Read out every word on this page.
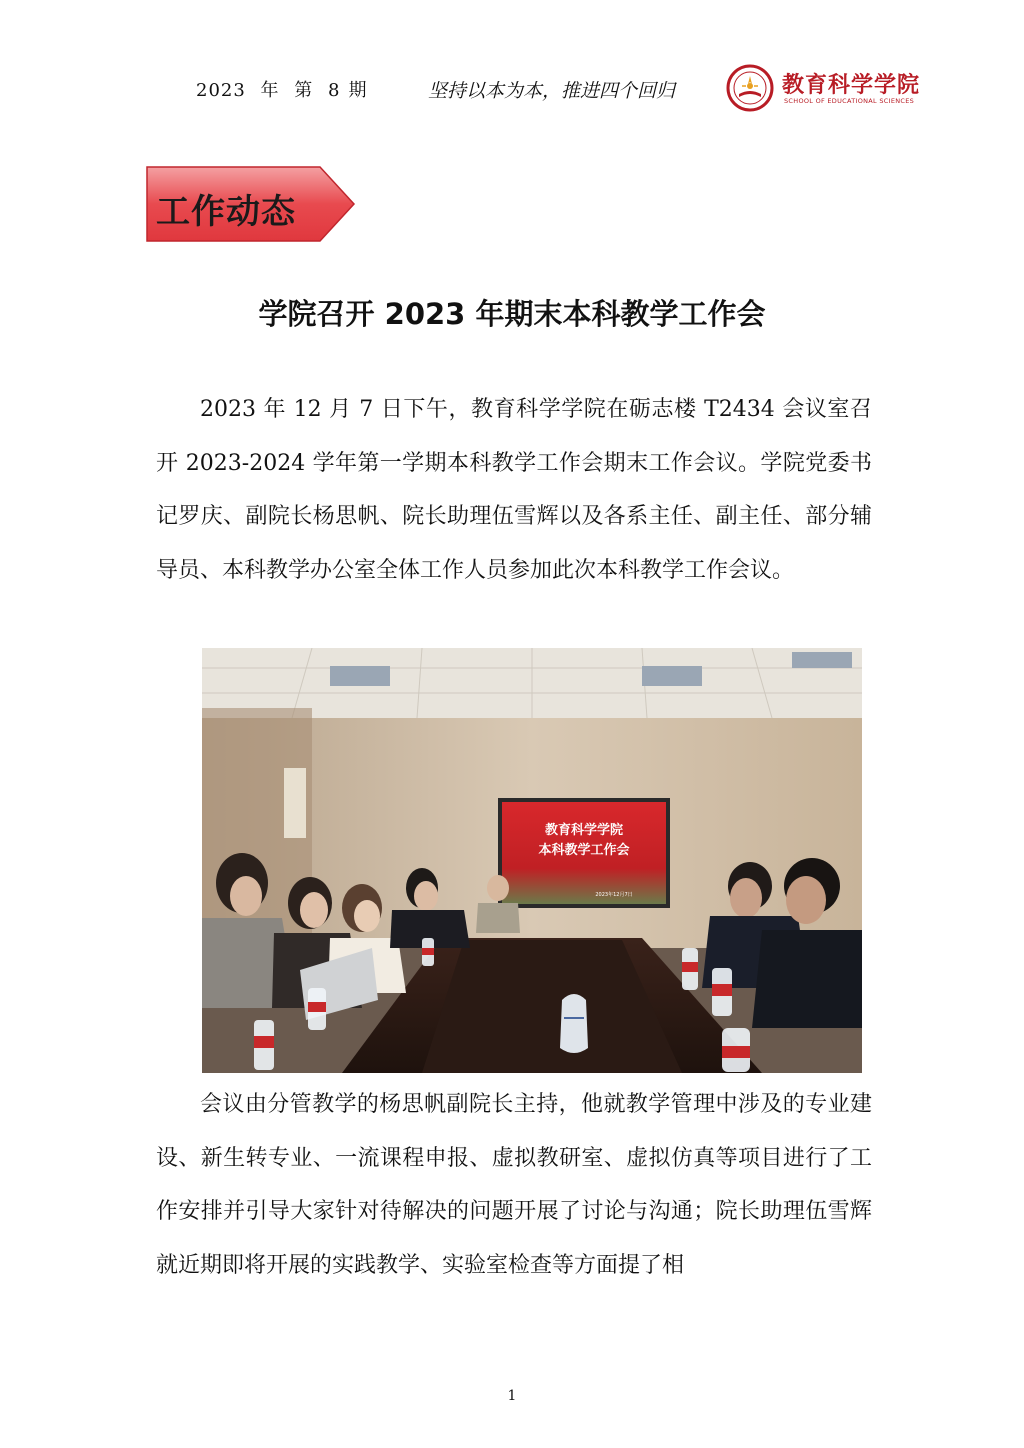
2023 年 第 8 期	坚持以本为本，推进四个回归	教育科学学院
SCHOOL OF EDUCATIONAL SCIENCES
工作动态
学院召开 2023 年期末本科教学工作会

2023 年 12 月 7 日下午，教育科学学院在砺志楼 T2434 会议室召开 2023-2024 学年第一学期本科教学工作会期末工作会议。学院党委书记罗庆、副院长杨思帆、院长助理伍雪辉以及各系主任、副主任、部分辅导员、本科教学办公室全体工作人员参加此次本科教学工作会议。

教育科学学院
本科教学工作会
2023年12月7日

会议由分管教学的杨思帆副院长主持，他就教学管理中涉及的专业建设、新生转专业、一流课程申报、虚拟教研室、虚拟仿真等项目进行了工作安排并引导大家针对待解决的问题开展了讨论与沟通；院长助理伍雪辉就近期即将开展的实践教学、实验室检查等方面提了相

1
